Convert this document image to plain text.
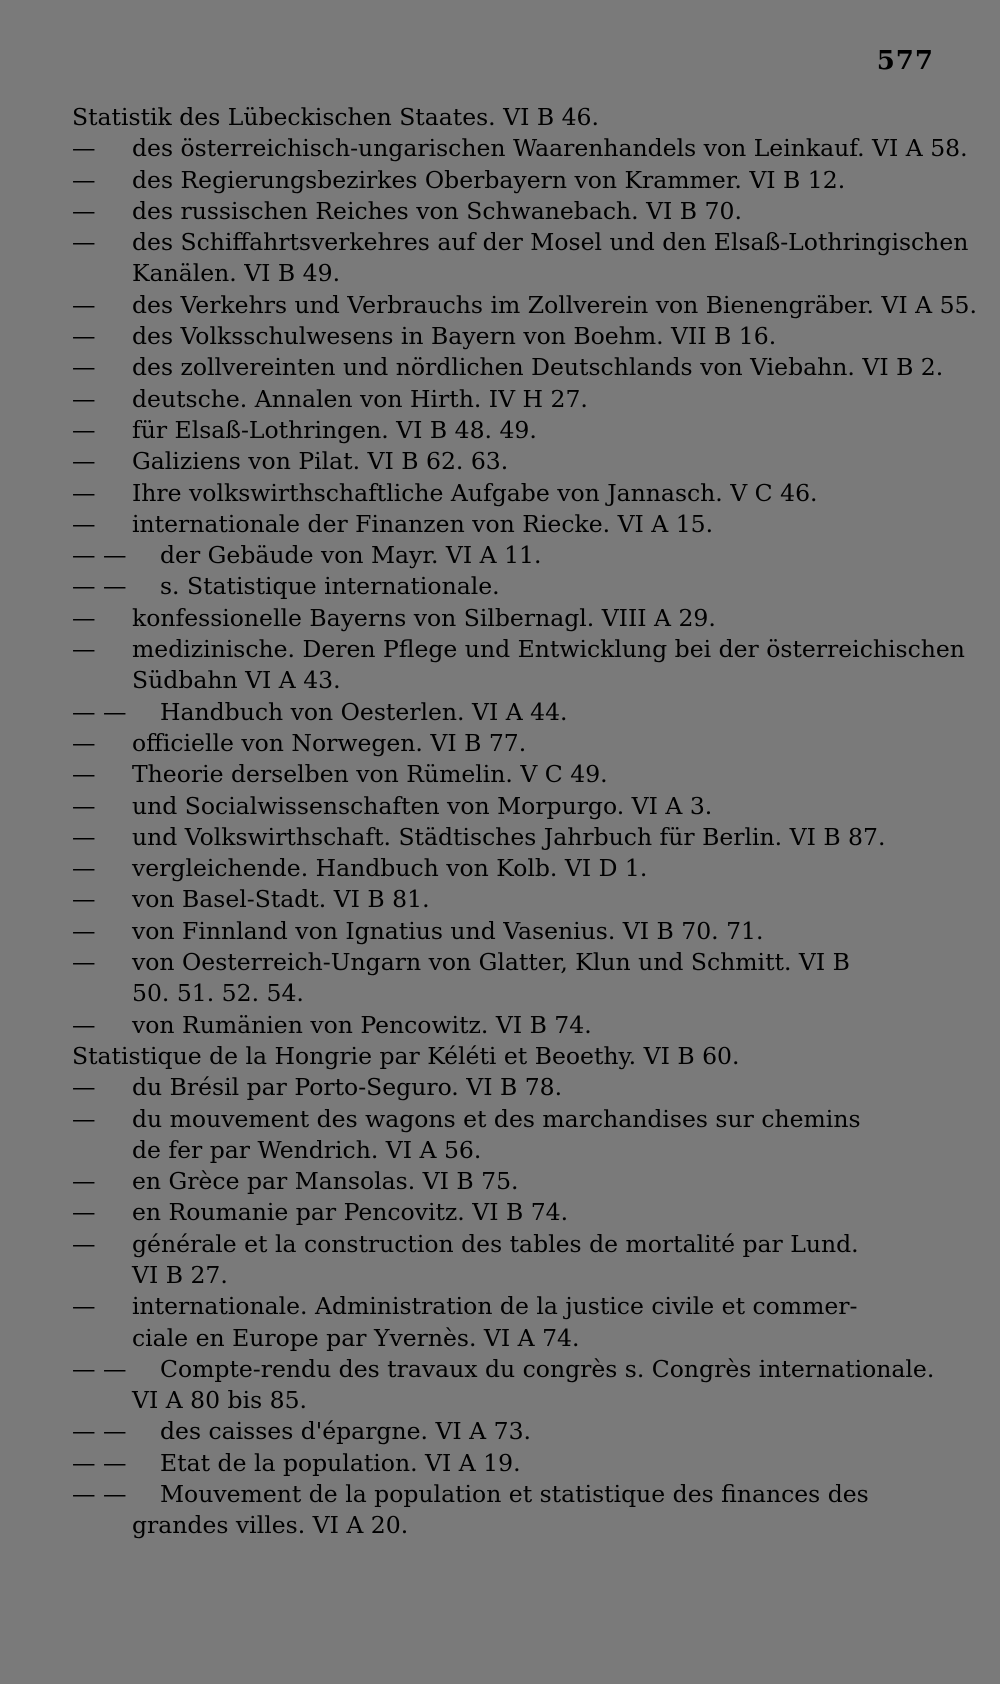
577
Statistik des Lübeckischen Staates. VI B 46.
— des österreichisch-ungarischen Waarenhandels von Leinkauf. VI A 58.
— des Regierungsbezirkes Oberbayern von Krammer. VI B 12.
— des russischen Reiches von Schwanebach. VI B 70.
— des Schiffahrtsverkehres auf der Mosel und den Elsaß-Lothringischen
Kanälen. VI B 49.
— des Verkehrs und Verbrauchs im Zollverein von Bienengräber. VI A 55.
— des Volksschulwesens in Bayern von Boehm. VII B 16.
— des zollvereinten und nördlichen Deutschlands von Viebahn. VI B 2.
— deutsche. Annalen von Hirth. IV H 27.
— für Elsaß-Lothringen. VI B 48. 49.
— Galiziens von Pilat. VI B 62. 63.
— Ihre volkswirthschaftliche Aufgabe von Jannasch. V C 46.
— internationale der Finanzen von Riecke. VI A 15.
— — der Gebäude von Mayr. VI A 11.
— — s. Statistique internationale.
— konfessionelle Bayerns von Silbernagl. VIII A 29.
— medizinische. Deren Pflege und Entwicklung bei der österreichischen
Südbahn VI A 43.
— — Handbuch von Oesterlen. VI A 44.
— officielle von Norwegen. VI B 77.
— Theorie derselben von Rümelin. V C 49.
— und Socialwissenschaften von Morpurgo. VI A 3.
— und Volkswirthschaft. Städtisches Jahrbuch für Berlin. VI B 87.
— vergleichende. Handbuch von Kolb. VI D 1.
— von Basel-Stadt. VI B 81.
— von Finnland von Ignatius und Vasenius. VI B 70. 71.
— von Oesterreich-Ungarn von Glatter, Klun und Schmitt. VI B
50. 51. 52. 54.
— von Rumänien von Pencowitz. VI B 74.
Statistique de la Hongrie par Kéléti et Beoethy. VI B 60.
— du Brésil par Porto-Seguro. VI B 78.
— du mouvement des wagons et des marchandises sur chemins
de fer par Wendrich. VI A 56.
— en Grèce par Mansolas. VI B 75.
— en Roumanie par Pencovitz. VI B 74.
— générale et la construction des tables de mortalité par Lund.
VI B 27.
— internationale. Administration de la justice civile et commer-
ciale en Europe par Yvernès. VI A 74.
— — Compte-rendu des travaux du congrès s. Congrès internationale.
VI A 80 bis 85.
— — des caisses d'épargne. VI A 73.
— — Etat de la population. VI A 19.
— — Mouvement de la population et statistique des finances des
grandes villes. VI A 20.
